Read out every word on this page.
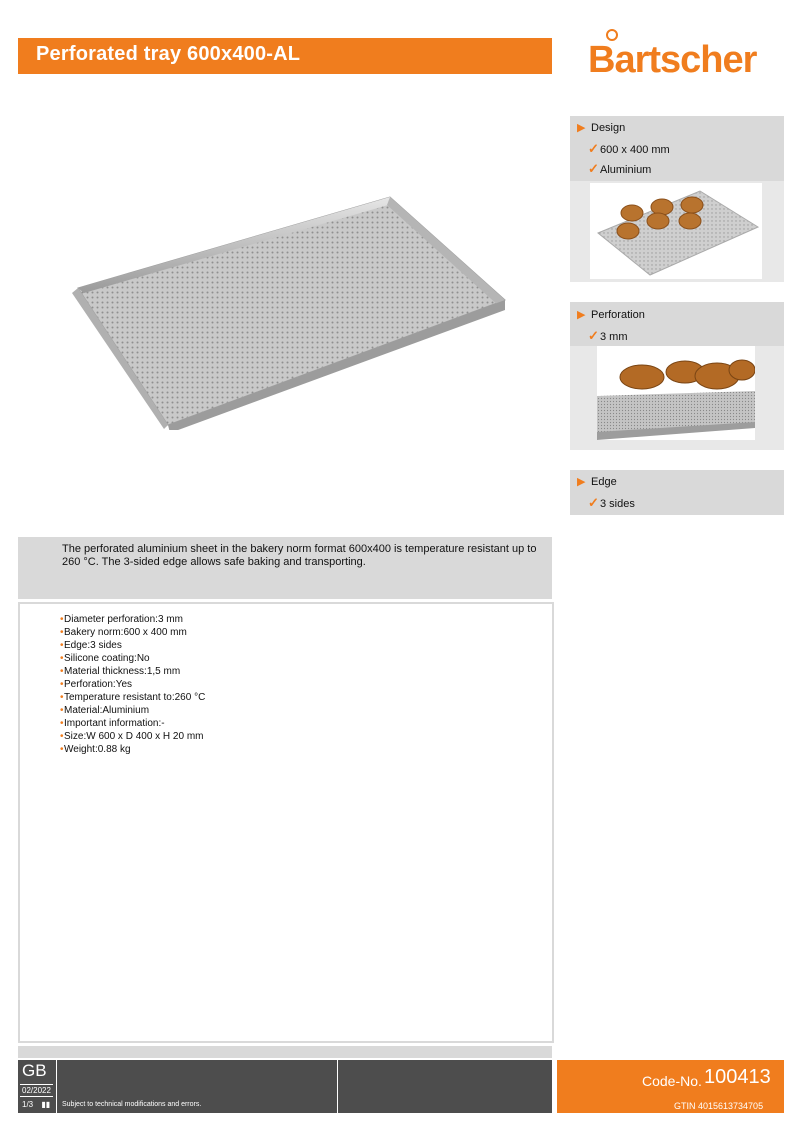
Perforated tray 600x400-AL	Bartscher
▶ Design
✓600 x 400 mm
✓Aluminium
▶ Perforation
✓3 mm
▶ Edge
✓3 sides
The perforated aluminium sheet in the bakery norm format 600x400 is temperature resistant up to 260 °C. The 3-sided edge allows safe baking and transporting.
• Diameter perforation: 3 mm
• Bakery norm: 600 x 400 mm
• Edge: 3 sides
• Silicone coating: No
• Material thickness: 1,5 mm
• Perforation: Yes
• Temperature resistant to: 260 °C
• Material: Aluminium
• Important information: -
• Size: W 600 x D 400 x H 20 mm
• Weight: 0.88 kg
GB
02/2022
1/3 ▮▮ Subject to technical modifications and errors.
Code-No. 100413
GTIN 4015613734705
